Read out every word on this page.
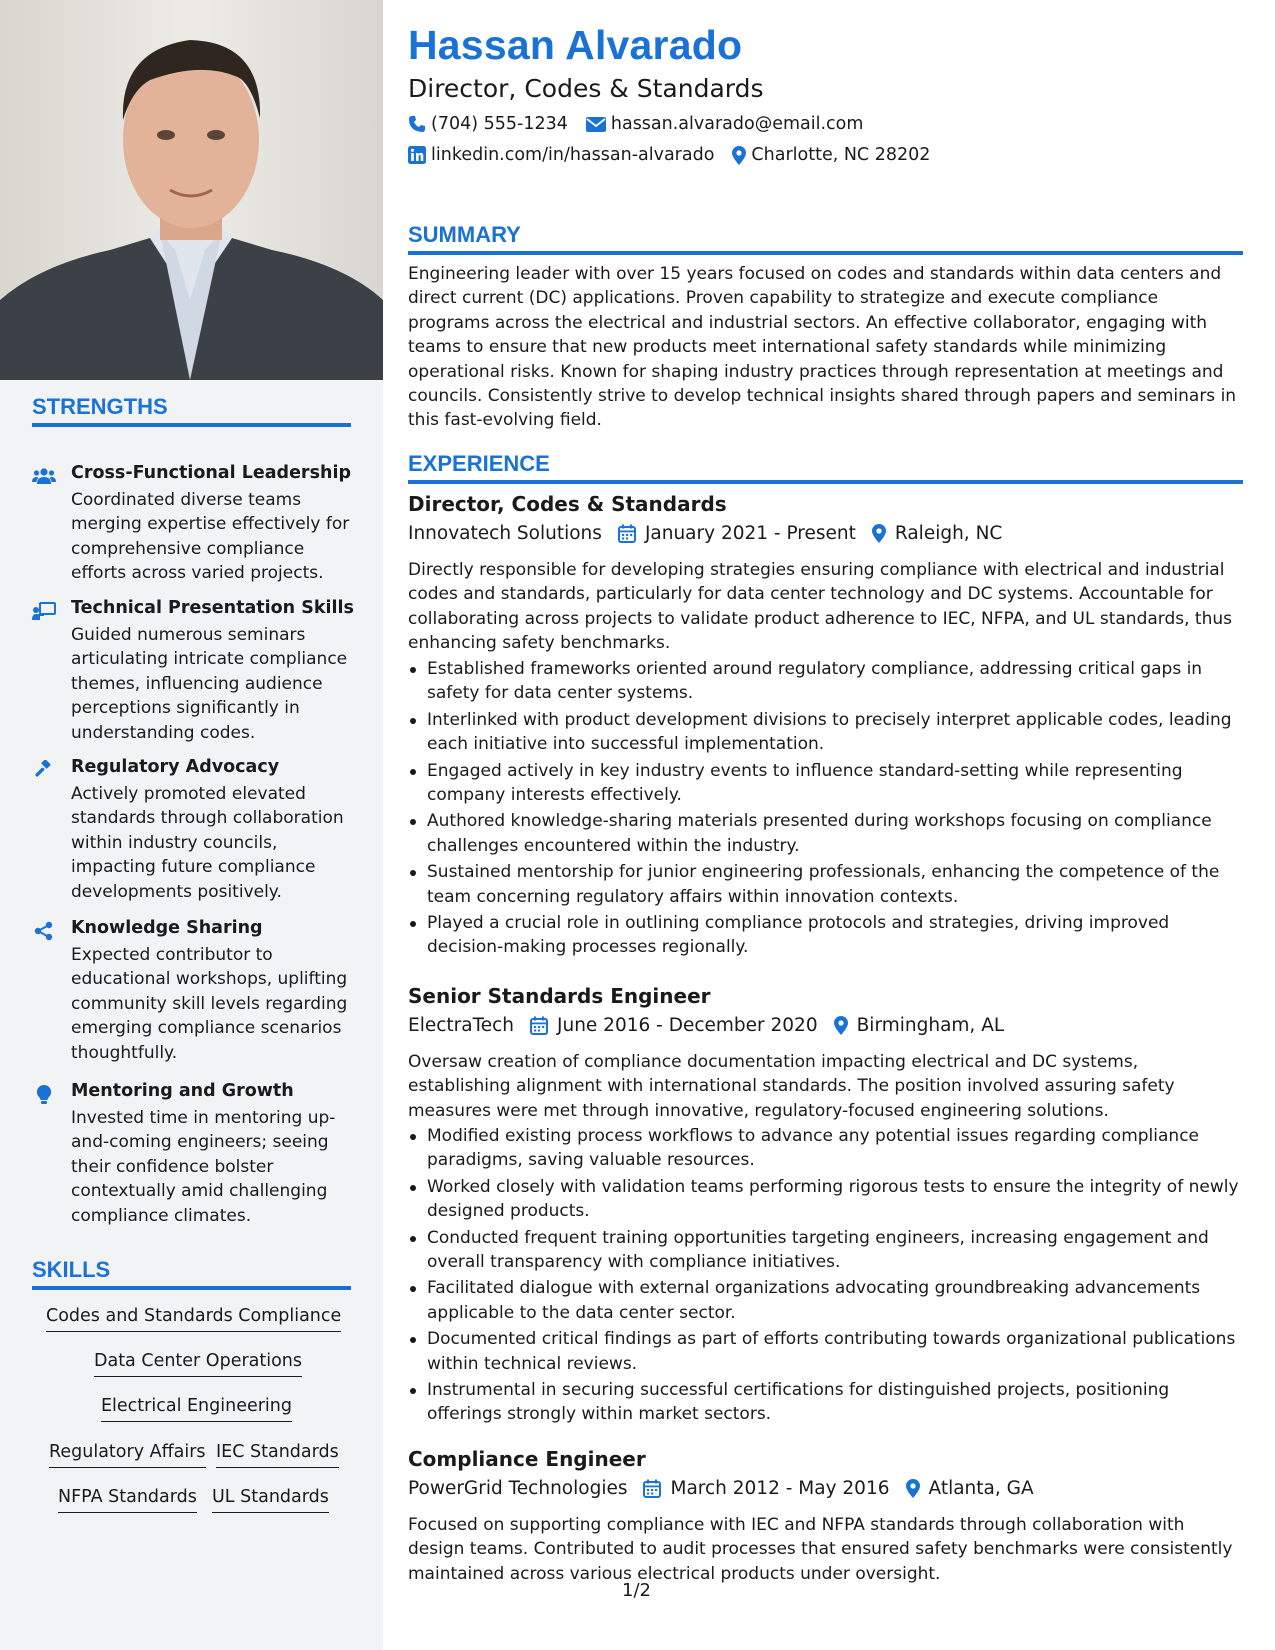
STRENGTHS
Cross-Functional Leadership
Coordinated diverse teams merging expertise effectively for comprehensive compliance efforts across varied projects.
Technical Presentation Skills
Guided numerous seminars articulating intricate compliance themes, influencing audience perceptions significantly in understanding codes.
Regulatory Advocacy
Actively promoted elevated standards through collaboration within industry councils, impacting future compliance developments positively.
Knowledge Sharing
Expected contributor to educational workshops, uplifting community skill levels regarding emerging compliance scenarios thoughtfully.
Mentoring and Growth
Invested time in mentoring up-and-coming engineers; seeing their confidence bolster contextually amid challenging compliance climates.
SKILLS
Codes and Standards Compliance
Data Center Operations
Electrical Engineering
Regulatory Affairs IEC Standards
NFPA Standards UL Standards
Hassan Alvarado
Director, Codes & Standards
(704) 555-1234 hassan.alvarado@email.com
linkedin.com/in/hassan-alvarado Charlotte, NC 28202
SUMMARY
Engineering leader with over 15 years focused on codes and standards within data centers and direct current (DC) applications. Proven capability to strategize and execute compliance programs across the electrical and industrial sectors. An effective collaborator, engaging with teams to ensure that new products meet international safety standards while minimizing operational risks. Known for shaping industry practices through representation at meetings and councils. Consistently strive to develop technical insights shared through papers and seminars in this fast-evolving field.
EXPERIENCE
Director, Codes & Standards
Innovatech Solutions January 2021 - Present Raleigh, NC
Directly responsible for developing strategies ensuring compliance with electrical and industrial codes and standards, particularly for data center technology and DC systems. Accountable for collaborating across projects to validate product adherence to IEC, NFPA, and UL standards, thus enhancing safety benchmarks.
Established frameworks oriented around regulatory compliance, addressing critical gaps in safety for data center systems.
Interlinked with product development divisions to precisely interpret applicable codes, leading each initiative into successful implementation.
Engaged actively in key industry events to influence standard-setting while representing company interests effectively.
Authored knowledge-sharing materials presented during workshops focusing on compliance challenges encountered within the industry.
Sustained mentorship for junior engineering professionals, enhancing the competence of the team concerning regulatory affairs within innovation contexts.
Played a crucial role in outlining compliance protocols and strategies, driving improved decision-making processes regionally.
Senior Standards Engineer
ElectraTech June 2016 - December 2020 Birmingham, AL
Oversaw creation of compliance documentation impacting electrical and DC systems, establishing alignment with international standards. The position involved assuring safety measures were met through innovative, regulatory-focused engineering solutions.
Modified existing process workflows to advance any potential issues regarding compliance paradigms, saving valuable resources.
Worked closely with validation teams performing rigorous tests to ensure the integrity of newly designed products.
Conducted frequent training opportunities targeting engineers, increasing engagement and overall transparency with compliance initiatives.
Facilitated dialogue with external organizations advocating groundbreaking advancements applicable to the data center sector.
Documented critical findings as part of efforts contributing towards organizational publications within technical reviews.
Instrumental in securing successful certifications for distinguished projects, positioning offerings strongly within market sectors.
Compliance Engineer
PowerGrid Technologies March 2012 - May 2016 Atlanta, GA
Focused on supporting compliance with IEC and NFPA standards through collaboration with design teams. Contributed to audit processes that ensured safety benchmarks were consistently maintained across various electrical products under oversight.
1/2
